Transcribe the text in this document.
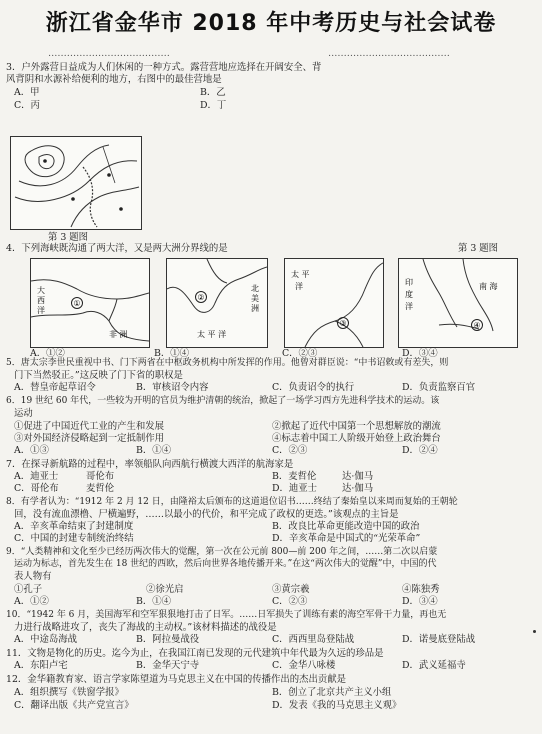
浙江省金华市 2018 年中考历史与社会试卷
…………………………………	…………………………………
3．户外露营日益成为人们休闲的一种方式。露营营地应选择在开阔安全、背
风背阴和水源补给便利的地方，右图中的最佳营地是
A．甲	B．乙
C．丙	D．丁
第 3 题图
4．下列海峡既沟通了两大洋，又是两大洲分界线的是	第 3 题图
①
大
西
洋
非 洲
②
北
美
洲
太 平 洋
③
太 平
洋
④
印
度
洋
南 海
A．①②	B．①④	C．②③	D．③④
5．唐太宗李世民重视中书、门下两省在中枢政务机构中所发挥的作用。他曾对群臣说：“中书诏敕或有差失，则
门下当然驳正。”这反映了门下省的职权是
A．替皇帝起草诏令	B．审核诏令内容	C．负责诏令的执行	D．负责监察百官
6．19 世纪 60 年代，一些较为开明的官员为维护清朝的统治，掀起了一场学习西方先进科学技术的运动。该
运动
①促进了中国近代工业的产生和发展	②掀起了近代中国第一个思想解放的潮流
③对外国经济侵略起到一定抵制作用	④标志着中国工人阶级开始登上政治舞台
A．①③	B．①④	C．②③	D．②④
7．在探寻新航路的过程中，率领船队向西航行横渡大西洋的航海家是
A．迪亚士	哥伦布	B．麦哲伦	达·伽马
C．哥伦布	麦哲伦	D．迪亚士	达·伽马
8．有学者认为：“1912 年 2 月 12 日，由隆裕太后颁布的这道退位诏书……终结了秦始皇以来周而复始的王朝轮
回，没有流血漂橹、尸横遍野，……以最小的代价，和平完成了政权的更迭。”该观点的主旨是
A．辛亥革命结束了封建制度	B．改良比革命更能改造中国的政治
C．中国的封建专制统治终结	D．辛亥革命是中国式的“光荣革命”
9．“人类精神和文化至少已经历两次伟大的觉醒，第一次在公元前 800—前 200 年之间，……第二次以启蒙
运动为标志，首先发生在 18 世纪的西欧，然后向世界各地传播开来。”在这“两次伟大的觉醒”中，中国的代
表人物有
①孔子	②徐光启	③黄宗羲	④陈独秀
A．①②	B．①④	C．②③	D．③④
10．“1942 年 6 月，美国海军和空军狠狠地打击了日军。……日军损失了训练有素的海空军骨干力量，再也无
力进行战略进攻了，丧失了海战的主动权。”该材料描述的战役是
A．中途岛海战	B．阿拉曼战役	C．西西里岛登陆战	D．诺曼底登陆战
11．文物是物化的历史。迄今为止，在我国江南已发现的元代建筑中年代最为久远的珍品是
A．东阳卢宅	B．金华天宁寺	C．金华八咏楼	D．武义延福寺
12．金华籍教育家、语言学家陈望道为马克思主义在中国的传播作出的杰出贡献是
A．组织撰写《铁窗学报》	B．创立了北京共产主义小组
C．翻译出版《共产党宣言》	D．发表《我的马克思主义观》
